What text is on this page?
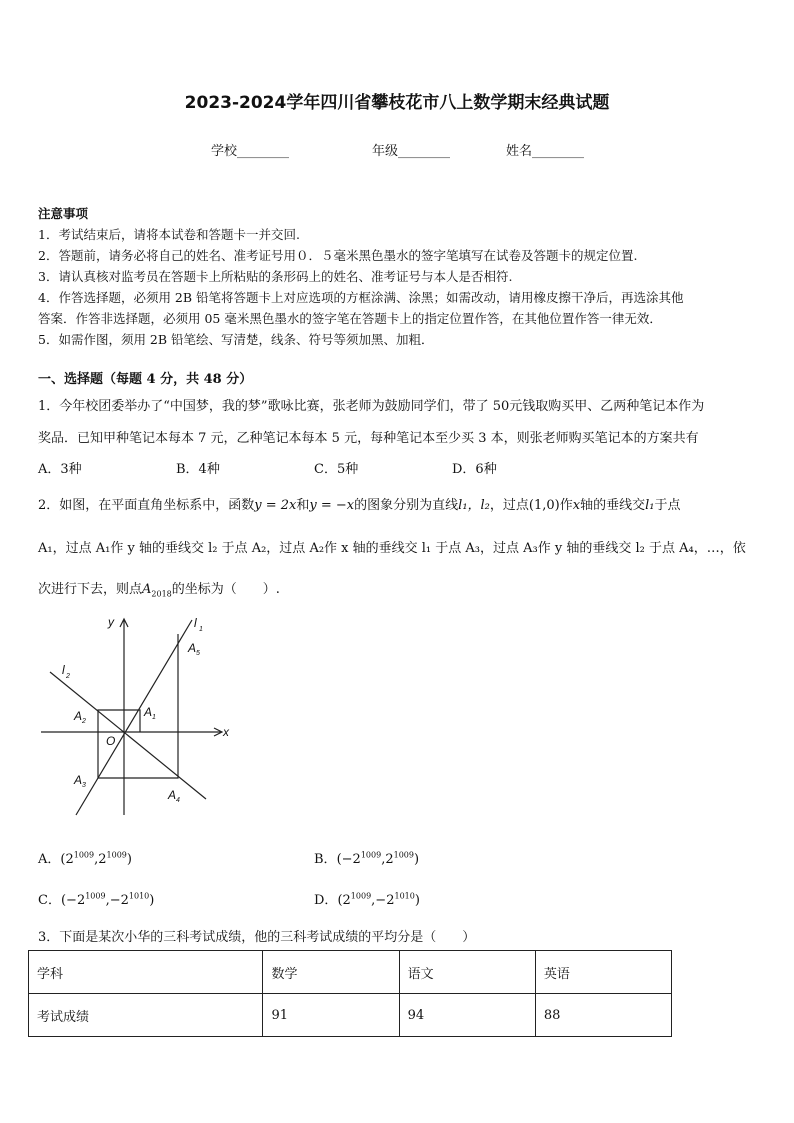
2023-2024学年四川省攀枝花市八上数学期末经典试题
学校________	年级________	姓名________
注意事项
1．考试结束后，请将本试卷和答题卡一并交回.
2．答题前，请务必将自己的姓名、准考证号用０．５毫米黑色墨水的签字笔填写在试卷及答题卡的规定位置.
3．请认真核对监考员在答题卡上所粘贴的条形码上的姓名、准考证号与本人是否相符.
4．作答选择题，必须用 2B 铅笔将答题卡上对应选项的方框涂满、涂黑；如需改动，请用橡皮擦干净后，再选涂其他
答案．作答非选择题，必须用 05 毫米黑色墨水的签字笔在答题卡上的指定位置作答，在其他位置作答一律无效．
5．如需作图，须用 2B 铅笔绘、写清楚，线条、符号等须加黑、加粗．
一、选择题（每题 4 分，共 48 分）
1．今年校团委举办了“中国梦，我的梦”歌咏比赛，张老师为鼓励同学们，带了 50元钱取购买甲、乙两种笔记本作为
奖品．已知甲种笔记本每本 7 元，乙种笔记本每本 5 元，每种笔记本至少买 3 本，则张老师购买笔记本的方案共有
A．3种	B．4种	C．5种	D．6种
2．如图，在平面直角坐标系中，函数y = 2x和y = −x的图象分别为直线l₁，l₂，过点(1,0)作x轴的垂线交l₁于点
A₁，过点 A₁作 y 轴的垂线交 l₂ 于点 A₂，过点 A₂作 x 轴的垂线交 l₁ 于点 A₃，过点 A₃作 y 轴的垂线交 l₂ 于点 A₄，…，依
次进行下去，则点$A_{2018}$的坐标为（　　）.
y
x
O
l 1
l 2
A 1
A 2
A 3
A 4
A 5
A．$(2^{1009},2^{1009})$	B．$(-2^{1009},2^{1009})$
C．$(-2^{1009},-2^{1010})$	D．$(2^{1009},-2^{1010})$
3．下面是某次小华的三科考试成绩，他的三科考试成绩的平均分是（　　）
学科	数学	语文	英语
考试成绩	91	94	88
